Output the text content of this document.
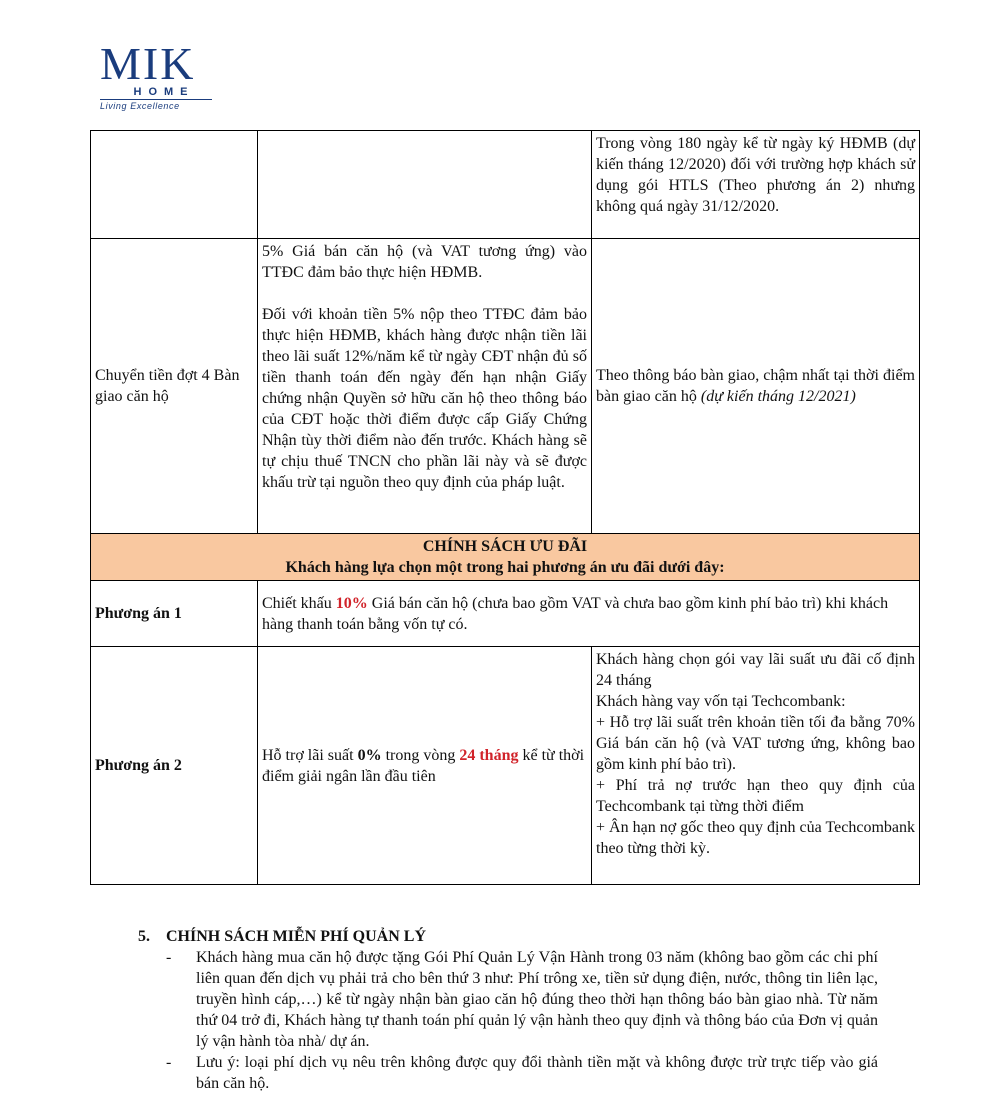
M I K
HOME
Living Excellence
		Trong vòng 180 ngày kể từ ngày ký HĐMB (dự kiến tháng 12/2020) đối với trường hợp khách sử dụng gói HTLS (Theo phương án 2) nhưng không quá ngày 31/12/2020.
Chuyển tiền đợt 4 Bàn giao căn hộ	5% Giá bán căn hộ (và VAT tương ứng) vào TTĐC đảm bảo thực hiện HĐMB.
Đối với khoản tiền 5% nộp theo TTĐC đảm bảo thực hiện HĐMB, khách hàng được nhận tiền lãi theo lãi suất 12%/năm kể từ ngày CĐT nhận đủ số tiền thanh toán đến ngày đến hạn nhận Giấy chứng nhận Quyền sở hữu căn hộ theo thông báo của CĐT hoặc thời điểm được cấp Giấy Chứng Nhận tùy thời điểm nào đến trước. Khách hàng sẽ tự chịu thuế TNCN cho phần lãi này và sẽ được khấu trừ tại nguồn theo quy định của pháp luật.	Theo thông báo bàn giao, chậm nhất tại thời điểm bàn giao căn hộ (dự kiến tháng 12/2021)

CHÍNH SÁCH ƯU ĐÃI
Khách hàng lựa chọn một trong hai phương án ưu đãi dưới đây:		

Phương án 1	Chiết khấu 10% Giá bán căn hộ (chưa bao gồm VAT và chưa bao gồm kinh phí bảo trì) khi khách hàng thanh toán bằng vốn tự có.	
Phương án 2	Hỗ trợ lãi suất 0% trong vòng 24 tháng kể từ thời điểm giải ngân lần đầu tiên	Khách hàng chọn gói vay lãi suất ưu đãi cố định 24 tháng
Khách hàng vay vốn tại Techcombank:
+ Hỗ trợ lãi suất trên khoản tiền tối đa bằng 70% Giá bán căn hộ (và VAT tương ứng, không bao gồm kinh phí bảo trì).
+ Phí trả nợ trước hạn theo quy định của Techcombank tại từng thời điểm
+ Ân hạn nợ gốc theo quy định của Techcombank theo từng thời kỳ.
5. CHÍNH SÁCH MIỄN PHÍ QUẢN LÝ
-	Khách hàng mua căn hộ được tặng Gói Phí Quản Lý Vận Hành trong 03 năm (không bao gồm các chi phí liên quan đến dịch vụ phải trả cho bên thứ 3 như: Phí trông xe, tiền sử dụng điện, nước, thông tin liên lạc, truyền hình cáp,…) kể từ ngày nhận bàn giao căn hộ đúng theo thời hạn thông báo bàn giao nhà. Từ năm thứ 04 trở đi, Khách hàng tự thanh toán phí quản lý vận hành theo quy định và thông báo của Đơn vị quản lý vận hành tòa nhà/ dự án.
-	Lưu ý: loại phí dịch vụ nêu trên không được quy đổi thành tiền mặt và không được trừ trực tiếp vào giá bán căn hộ.
